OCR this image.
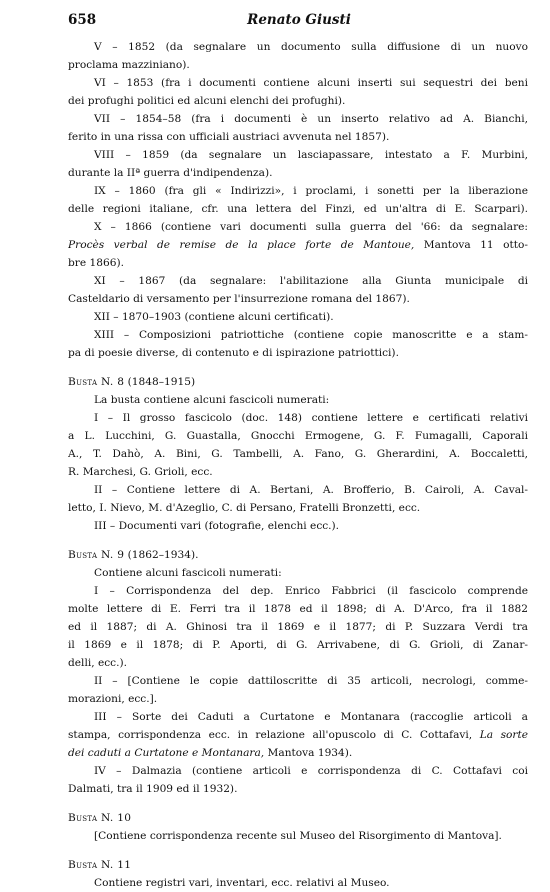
658	Renato Giusti
V – 1852 (da segnalare un documento sulla diffusione di un nuovo
proclama mazziniano).
VI – 1853 (fra i documenti contiene alcuni inserti sui sequestri dei beni
dei profughi politici ed alcuni elenchi dei profughi).
VII – 1854–58 (fra i documenti è un inserto relativo ad A. Bianchi,
ferito in una rissa con ufficiali austriaci avvenuta nel 1857).
VIII – 1859 (da segnalare un lasciapassare, intestato a F. Murbini,
durante la IIª guerra d'indipendenza).
IX – 1860 (fra gli « Indirizzi», i proclami, i sonetti per la liberazione
delle regioni italiane, cfr. una lettera del Finzi, ed un'altra di E. Scarpari).
X – 1866 (contiene vari documenti sulla guerra del '66: da segnalare:
Procès verbal de remise de la place forte de Mantoue, Mantova 11 otto-
bre 1866).
XI – 1867 (da segnalare: l'abilitazione alla Giunta municipale di
Casteldario di versamento per l'insurrezione romana del 1867).
XII – 1870–1903 (contiene alcuni certificati).
XIII – Composizioni patriottiche (contiene copie manoscritte e a stam-
pa di poesie diverse, di contenuto e di ispirazione patriottici).
Busta N. 8 (1848–1915)
La busta contiene alcuni fascicoli numerati:
I – Il grosso fascicolo (doc. 148) contiene lettere e certificati relativi
a L. Lucchini, G. Guastalla, Gnocchi Ermogene, G. F. Fumagalli, Caporali
A., T. Dahò, A. Bini, G. Tambelli, A. Fano, G. Gherardini, A. Boccaletti,
R. Marchesi, G. Grioli, ecc.
II – Contiene lettere di A. Bertani, A. Brofferio, B. Cairoli, A. Caval-
letto, I. Nievo, M. d'Azeglio, C. di Persano, Fratelli Bronzetti, ecc.
III – Documenti vari (fotografie, elenchi ecc.).
Busta N. 9 (1862–1934).
Contiene alcuni fascicoli numerati:
I – Corrispondenza del dep. Enrico Fabbrici (il fascicolo comprende
molte lettere di E. Ferri tra il 1878 ed il 1898; di A. D'Arco, fra il 1882
ed il 1887; di A. Ghinosi tra il 1869 e il 1877; di P. Suzzara Verdi tra
il 1869 e il 1878; di P. Aporti, di G. Arrivabene, di G. Grioli, di Zanar-
delli, ecc.).
II – [Contiene le copie dattiloscritte di 35 articoli, necrologi, comme-
morazioni, ecc.].
III – Sorte dei Caduti a Curtatone e Montanara (raccoglie articoli a
stampa, corrispondenza ecc. in relazione all'opuscolo di C. Cottafavi, La sorte
dei caduti a Curtatone e Montanara, Mantova 1934).
IV – Dalmazia (contiene articoli e corrispondenza di C. Cottafavi coi
Dalmati, tra il 1909 ed il 1932).
Busta N. 10
[Contiene corrispondenza recente sul Museo del Risorgimento di Mantova].
Busta N. 11
Contiene registri vari, inventari, ecc. relativi al Museo.
